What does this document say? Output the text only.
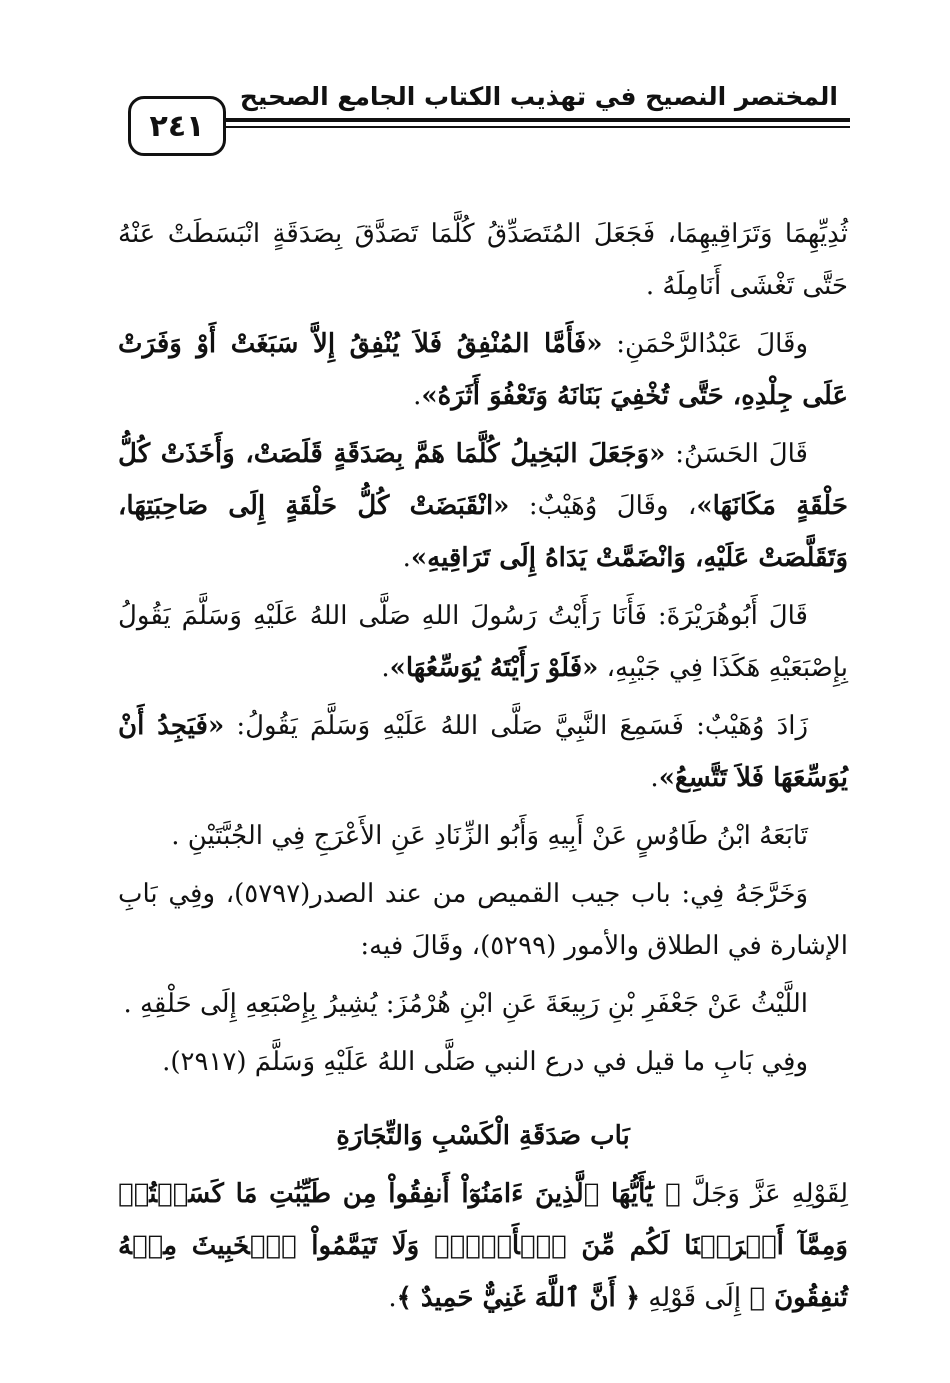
المختصر النصيح في تهذيب الكتاب الجامع الصحيح
٢٤١

ثُدِيِّهِمَا وَتَرَاقِيهِمَا، فَجَعَلَ المُتَصَدِّقُ كُلَّمَا تَصَدَّقَ بِصَدَقَةٍ انْبَسَطَتْ عَنْهُ حَتَّى تَغْشَى أَنَامِلَهُ .

وقَالَ عَبْدُالرَّحْمَنِ: «فَأَمَّا المُنْفِقُ فَلاَ يُنْفِقُ إِلاَّ سَبَغَتْ أَوْ وَفَرَتْ عَلَى جِلْدِهِ، حَتَّى تُخْفِيَ بَنَانَهُ وَتَعْفُوَ أَثَرَهُ».

قَالَ الحَسَنُ: «وَجَعَلَ البَخِيلُ كُلَّمَا هَمَّ بِصَدَقَةٍ قَلَصَتْ، وَأَخَذَتْ كُلُّ حَلْقَةٍ مَكَانَهَا»، وقَالَ وُهَيْبٌ: «انْقَبَضَتْ كُلُّ حَلْقَةٍ إِلَى صَاحِبَتِهَا، وَتَقَلَّصَتْ عَلَيْهِ، وَانْضَمَّتْ يَدَاهُ إِلَى تَرَاقِيهِ».

قَالَ أَبُوهُرَيْرَةَ: فَأَنَا رَأَيْتُ رَسُولَ اللهِ صَلَّى اللهُ عَلَيْهِ وَسَلَّمَ يَقُولُ بِإِصْبَعَيْهِ هَكَذَا فِي جَيْبِهِ، «فَلَوْ رَأَيْتَهُ يُوَسِّعُهَا».

زَادَ وُهَيْبٌ: فَسَمِعَ النَّبِيَّ صَلَّى اللهُ عَلَيْهِ وَسَلَّمَ يَقُولُ: «فَيَجِدُ أَنْ يُوَسِّعَهَا فَلاَ تَتَّسِعُ».

تَابَعَهُ ابْنُ طَاوُسٍ عَنْ أَبِيهِ وَأَبُو الزِّنَادِ عَنِ الأَعْرَجِ فِي الجُبَّتَيْنِ .

وَخَرَّجَهُ فِي: باب جيب القميص من عند الصدر(٥٧٩٧)، وفِي بَابِ الإشارة في الطلاق والأمور (٥٢٩٩)، وقَالَ فيه:

اللَّيْثُ عَنْ جَعْفَرِ بْنِ رَبِيعَةَ عَنِ ابْنِ هُرْمُزَ: يُشِيرُ بِإِصْبَعِهِ إِلَى حَلْقِهِ .

وفِي بَابِ ما قيل في درع النبي صَلَّى اللهُ عَلَيْهِ وَسَلَّمَ (٢٩١٧).

بَاب صَدَقَةِ الْكَسْبِ وَالتِّجَارَةِ

لِقَوْلِهِ عَزَّ وَجَلَّ ﴿ يَٰٓأَيُّهَا ٱلَّذِينَ ءَامَنُوٓاْ أَنفِقُواْ مِن طَيِّبَٰتِ مَا كَسَبۡتُمۡ وَمِمَّآ أَخۡرَجۡنَا لَكُم مِّنَ ٱلۡأَرۡضِۖ وَلَا تَيَمَّمُواْ ٱلۡخَبِيثَ مِنۡهُ تُنفِقُونَ ﴾ إِلَى قَوْلِهِ ﴿ أَنَّ ٱللَّهَ غَنِيٌّ حَمِيدٌ ﴾.
